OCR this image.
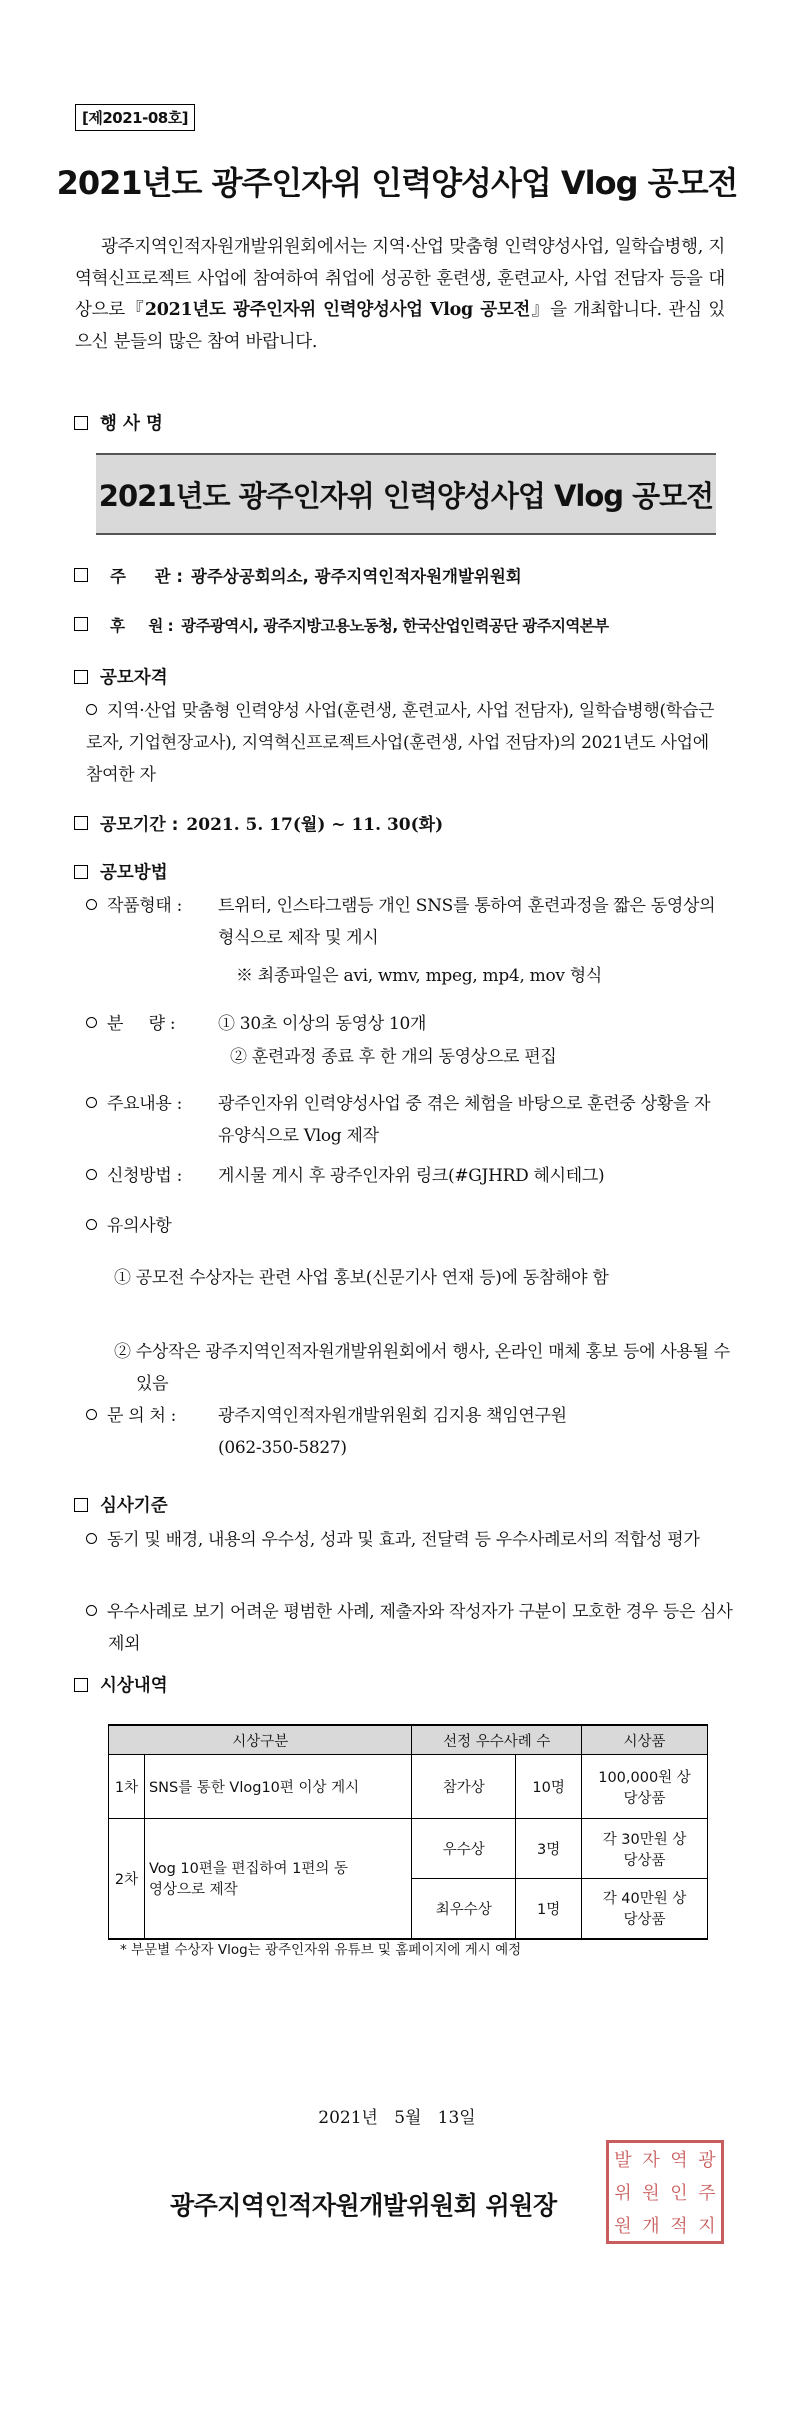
[제2021-08호]
2021년도 광주인자위 인력양성사업 Vlog 공모전
광주지역인적자원개발위원회에서는 지역·산업 맞춤형 인력양성사업, 일학습병행, 지역혁신프로젝트 사업에 참여하여 취업에 성공한 훈련생, 훈련교사, 사업 전담자 등을 대상으로『2021년도 광주인자위 인력양성사업 Vlog 공모전』을 개최합니다. 관심 있으신 분들의 많은 참여 바랍니다.
행 사 명
2021년도 광주인자위 인력양성사업 Vlog 공모전
주     관 : 광주상공회의소, 광주지역인적자원개발위원회
후     원 : 광주광역시, 광주지방고용노동청, 한국산업인력공단 광주지역본부
공모자격
지역·산업 맞춤형 인력양성 사업(훈련생, 훈련교사, 사업 전담자), 일학습병행(학습근로자, 기업현장교사), 지역혁신프로젝트사업(훈련생, 사업 전담자)의 2021년도 사업에 참여한 자
공모기간 : 2021. 5. 17(월) ~ 11. 30(화)
공모방법
작품형태 :	트위터, 인스타그램등 개인 SNS를 통하여 훈련과정을 짧은 동영상의 형식으로 제작 및 게시
※ 최종파일은 avi, wmv, mpeg, mp4, mov 형식
분     량 :	① 30초 이상의 동영상 10개
② 훈련과정 종료 후 한 개의 동영상으로 편집
주요내용 : 광주인자위 인력양성사업 중 겪은 체험을 바탕으로 훈련중 상황을 자유양식으로 Vlog 제작
신청방법 : 게시물 게시 후 광주인자위 링크(#GJHRD 헤시테그)
유의사항
① 공모전 수상자는 관련 사업 홍보(신문기사 연재 등)에 동참해야 함
② 수상작은 광주지역인적자원개발위원회에서 행사, 온라인 매체 홍보 등에 사용될 수 있음
문 의 처 : 광주지역인적자원개발위원회 김지용 책임연구원
(062-350-5827)
심사기준
동기 및 배경, 내용의 우수성, 성과 및 효과, 전달력 등 우수사례로서의 적합성 평가
우수사례로 보기 어려운 평범한 사례, 제출자와 작성자가 구분이 모호한 경우 등은 심사 제외
시상내역
시상구분		선정 우수사례 수		시상품
1차	SNS를 통한 Vlog10편 이상 게시	참가상	10명	100,000원 상당상품
2차	Vog 10편을 편집하여 1편의 동영상으로 제작	우수상	3명	각 30만원 상당상품
		최우수상	1명	각 40만원 상당상품
* 부문별 수상자 Vlog는 광주인자위 유튜브 및 홈페이지에 게시 예정
2021년   5월   13일
광주지역인적자원개발위원회 위원장
발 자 역 광
위 원 인 주
원 개 적 지
